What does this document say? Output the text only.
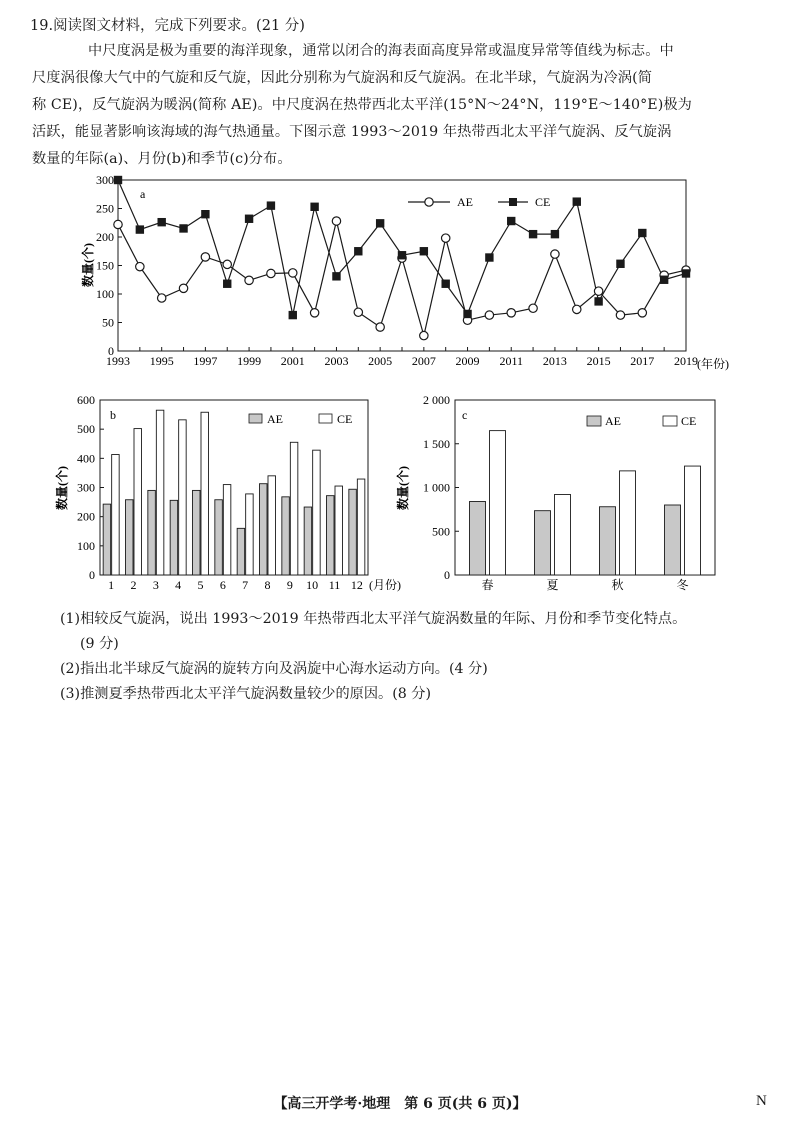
19.阅读图文材料，完成下列要求。(21 分)

中尺度涡是极为重要的海洋现象，通常以闭合的海表面高度异常或温度异常等值线为标志。中

尺度涡很像大气中的气旋和反气旋，因此分别称为气旋涡和反气旋涡。在北半球，气旋涡为冷涡(简

称 CE)，反气旋涡为暖涡(简称 AE)。中尺度涡在热带西北太平洋(15°N～24°N，119°E～140°E)极为

活跃，能显著影响该海域的海气热通量。下图示意 1993～2019 年热带西北太平洋气旋涡、反气旋涡

数量的年际(a)、月份(b)和季节(c)分布。

0
50
100
150
200
250
300
1993 1995 1997 1999 2001 2003 2005 2007 2009 2011 2013 2015 2017 2019
数量(个)
(年份)
a
AE	CE
0
100
200
300
400
500
600
1 2 3 4 5 6 7 8 9 10 11 12
数量(个)
(月份)
b	AE	CE
0
500
1 000
1 500
2 000
春	夏	秋	冬
数量(个)
c	AE	CE
(1)相较反气旋涡，说出 1993～2019 年热带西北太平洋气旋涡数量的年际、月份和季节变化特点。
(9 分)
(2)指出北半球反气旋涡的旋转方向及涡旋中心海水运动方向。(4 分)
(3)推测夏季热带西北太平洋气旋涡数量较少的原因。(8 分)
【高三开学考·地理　第 6 页(共 6 页)】	N
